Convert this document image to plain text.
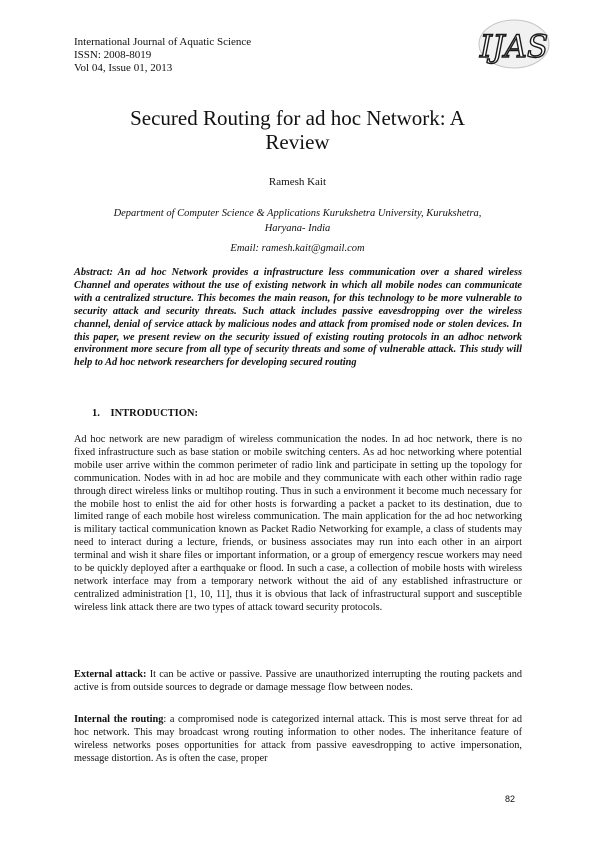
International Journal of Aquatic Science
ISSN: 2008-8019
Vol 04, Issue 01, 2013
IJAS
Secured Routing for ad hoc Network: A
Review
Ramesh Kait
Department of Computer Science & Applications Kurukshetra University, Kurukshetra,
Haryana- India
Email: ramesh.kait@gmail.com

Abstract: An ad hoc Network provides a infrastructure less communication over a shared wireless Channel and operates without the use of existing network in which all mobile nodes can communicate with a centralized structure. This becomes the main reason, for this technology to be more vulnerable to security attack and security threats. Such attack includes passive eavesdropping over the wireless channel, denial of service attack by malicious nodes and attack from promised node or stolen devices. In this paper, we present review on the security issued of existing routing protocols in an adhoc network environment more secure from all type of security threats and some of vulnerable attack. This study will help to Ad hoc network researchers for developing secured routing

1. INTRODUCTION:

Ad hoc network are new paradigm of wireless communication the nodes. In ad hoc network, there is no fixed infrastructure such as base station or mobile switching centers. As ad hoc networking where potential mobile user arrive within the common perimeter of radio link and participate in setting up the topology for communication. Nodes with in ad hoc are mobile and they communicate with each other within radio rage through direct wireless links or multihop routing. Thus in such a environment it become much necessary for the mobile host to enlist the aid for other hosts is forwarding a packet a packet to its destination, due to limited range of each mobile host wireless communication. The main application for the ad hoc networking is military tactical communication known as Packet Radio Networking for example, a class of students may need to interact during a lecture, friends, or business associates may run into each other in an airport terminal and wish it share files or important information, or a group of emergency rescue workers may need to be quickly deployed after a earthquake or flood. In such a case, a collection of mobile hosts with wireless network interface may from a temporary network without the aid of any established infrastructure or centralized administration [1, 10, 11], thus it is obvious that lack of infrastructural support and susceptible wireless link attack there are two types of attack toward security protocols.

External attack: It can be active or passive. Passive are unauthorized interrupting the routing packets and active is from outside sources to degrade or damage message flow between nodes.

Internal the routing: a compromised node is categorized internal attack. This is most serve threat for ad hoc network. This may broadcast wrong routing information to other nodes. The inheritance feature of wireless networks poses opportunities for attack from passive eavesdropping to active impersonation, message distortion. As is often the case, proper

82
